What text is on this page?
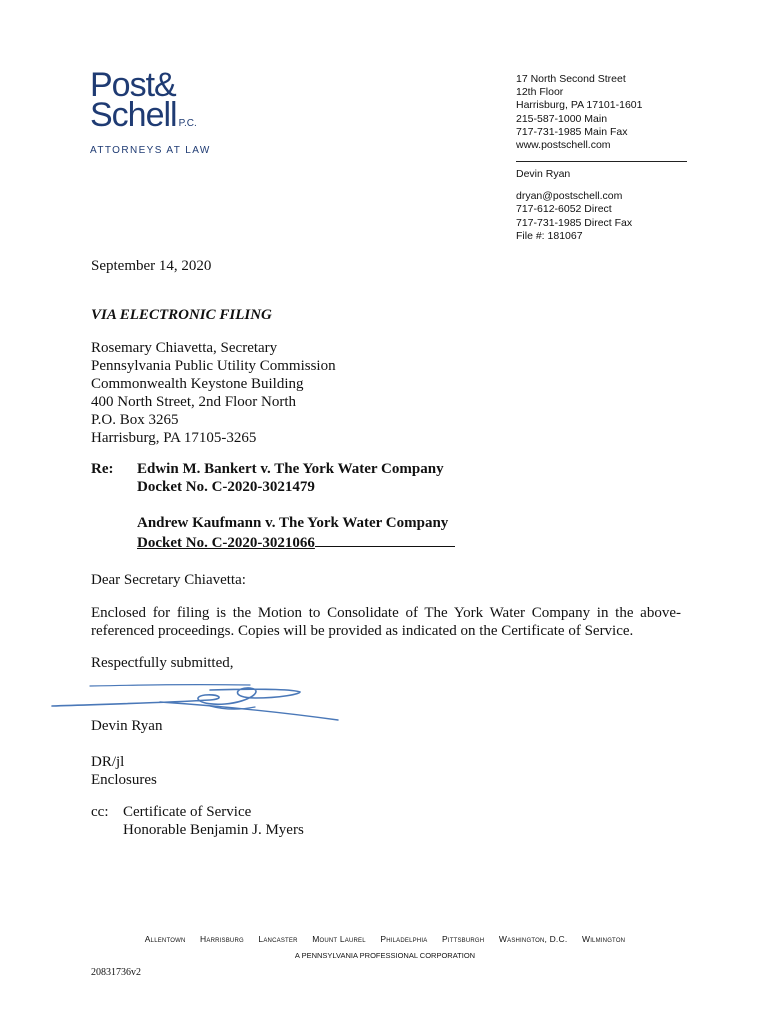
Post&
Schell P.C.
ATTORNEYS AT LAW
17 North Second Street
12th Floor
Harrisburg, PA 17101-1601
215-587-1000 Main
717-731-1985 Main Fax
www.postschell.com
Devin Ryan
dryan@postschell.com
717-612-6052 Direct
717-731-1985 Direct Fax
File #: 181067
September 14, 2020
VIA ELECTRONIC FILING
Rosemary Chiavetta, Secretary
Pennsylvania Public Utility Commission
Commonwealth Keystone Building
400 North Street, 2nd Floor North
P.O. Box 3265
Harrisburg, PA 17105-3265
Re: Edwin M. Bankert v. The York Water Company
Docket No. C-2020-3021479
Andrew Kaufmann v. The York Water Company
Docket No. C-2020-3021066
Dear Secretary Chiavetta:
Enclosed for filing is the Motion to Consolidate of The York Water Company in the above-referenced proceedings. Copies will be provided as indicated on the Certificate of Service.
Respectfully submitted,
Devin Ryan
DR/jl
Enclosures
cc: Certificate of Service
Honorable Benjamin J. Myers
Allentown Harrisburg Lancaster Mount Laurel Philadelphia Pittsburgh Washington, D.C. Wilmington
A PENNSYLVANIA PROFESSIONAL CORPORATION
20831736v2
